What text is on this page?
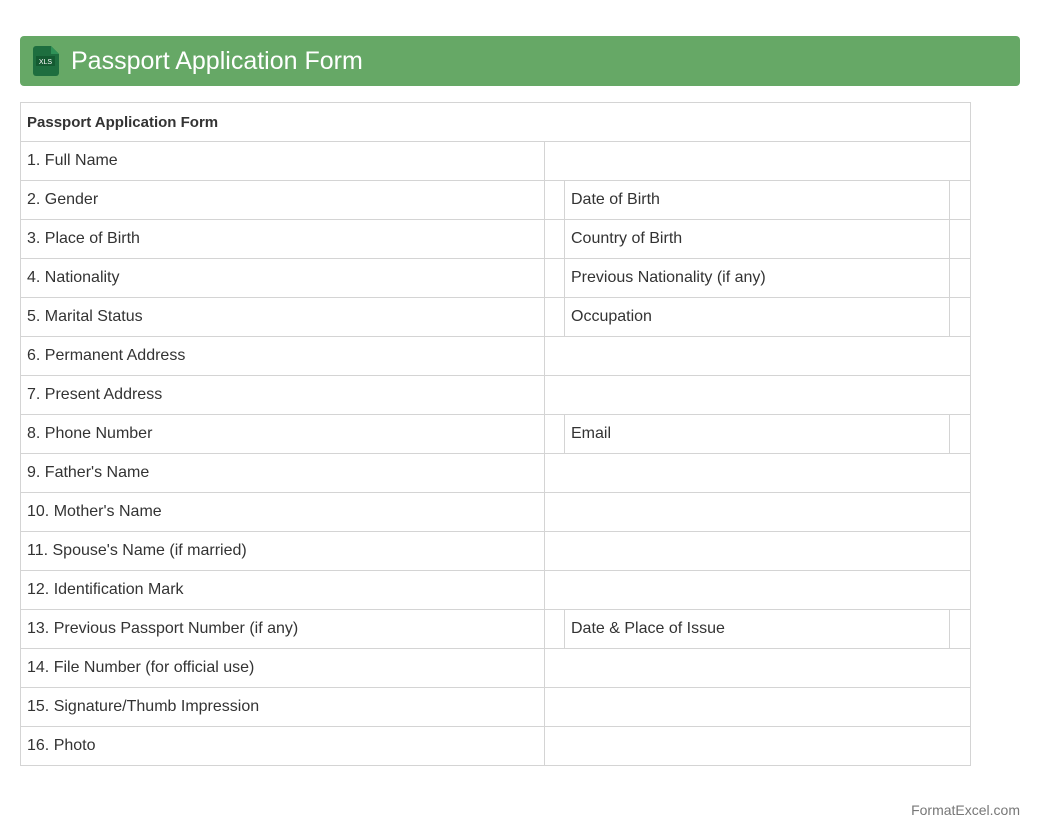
XLS Passport Application Form
Passport Application Form			
1. Full Name			
2. Gender		Date of Birth	
3. Place of Birth		Country of Birth	
4. Nationality		Previous Nationality (if any)	
5. Marital Status		Occupation	
6. Permanent Address			
7. Present Address			
8. Phone Number		Email	
9. Father's Name			
10. Mother's Name			
11. Spouse's Name (if married)			
12. Identification Mark			
13. Previous Passport Number (if any)		Date & Place of Issue	
14. File Number (for official use)			
15. Signature/Thumb Impression			
16. Photo			
FormatExcel.com
